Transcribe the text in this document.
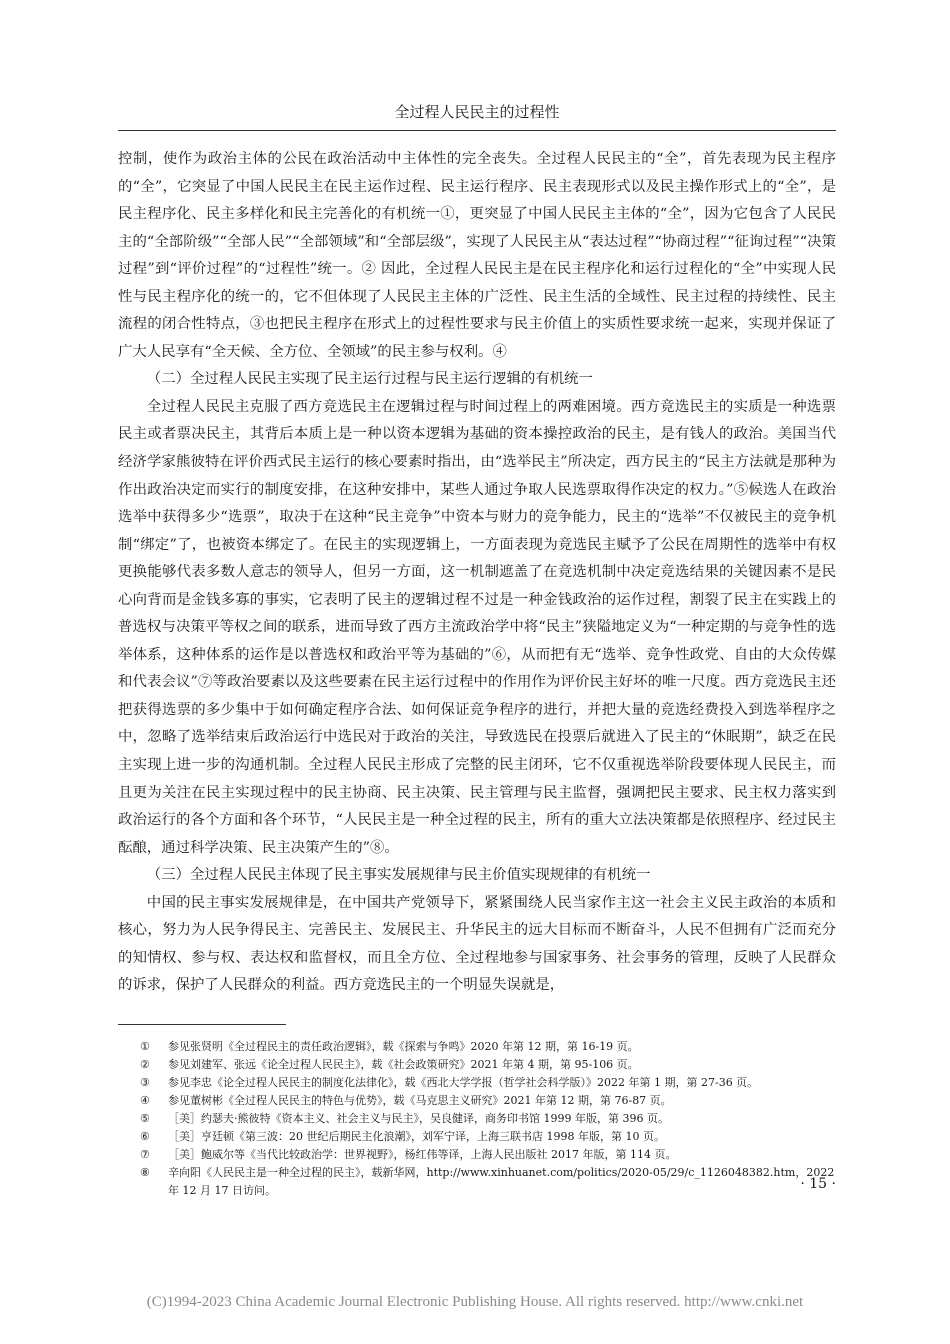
全过程人民民主的过程性

控制，使作为政治主体的公民在政治活动中主体性的完全丧失。全过程人民民主的“全”，首先表现为民主程序的“全”，它突显了中国人民民主在民主运作过程、民主运行程序、民主表现形式以及民主操作形式上的“全”，是民主程序化、民主多样化和民主完善化的有机统一①，更突显了中国人民民主主体的“全”，因为它包含了人民民主的“全部阶级”“全部人民”“全部领域”和“全部层级”，实现了人民民主从“表达过程”“协商过程”“征询过程”“决策过程”到“评价过程”的“过程性”统一。② 因此，全过程人民民主是在民主程序化和运行过程化的“全”中实现人民性与民主程序化的统一的，它不但体现了人民民主主体的广泛性、民主生活的全域性、民主过程的持续性、民主流程的闭合性特点，③也把民主程序在形式上的过程性要求与民主价值上的实质性要求统一起来，实现并保证了广大人民享有“全天候、全方位、全领域”的民主参与权利。④

（二）全过程人民民主实现了民主运行过程与民主运行逻辑的有机统一

全过程人民民主克服了西方竞选民主在逻辑过程与时间过程上的两难困境。西方竞选民主的实质是一种选票民主或者票决民主，其背后本质上是一种以资本逻辑为基础的资本操控政治的民主，是有钱人的政治。美国当代经济学家熊彼特在评价西式民主运行的核心要素时指出，由“选举民主”所决定，西方民主的“民主方法就是那种为作出政治决定而实行的制度安排，在这种安排中，某些人通过争取人民选票取得作决定的权力。”⑤候选人在政治选举中获得多少“选票”，取决于在这种“民主竞争”中资本与财力的竞争能力，民主的“选举”不仅被民主的竞争机制“绑定”了，也被资本绑定了。在民主的实现逻辑上，一方面表现为竞选民主赋予了公民在周期性的选举中有权更换能够代表多数人意志的领导人，但另一方面，这一机制遮盖了在竞选机制中决定竞选结果的关键因素不是民心向背而是金钱多寡的事实，它表明了民主的逻辑过程不过是一种金钱政治的运作过程，割裂了民主在实践上的普选权与决策平等权之间的联系，进而导致了西方主流政治学中将“民主”狭隘地定义为“一种定期的与竞争性的选举体系，这种体系的运作是以普选权和政治平等为基础的”⑥，从而把有无“选举、竞争性政党、自由的大众传媒和代表会议”⑦等政治要素以及这些要素在民主运行过程中的作用作为评价民主好坏的唯一尺度。西方竞选民主还把获得选票的多少集中于如何确定程序合法、如何保证竞争程序的进行，并把大量的竞选经费投入到选举程序之中，忽略了选举结束后政治运行中选民对于政治的关注，导致选民在投票后就进入了民主的“休眠期”，缺乏在民主实现上进一步的沟通机制。全过程人民民主形成了完整的民主闭环，它不仅重视选举阶段要体现人民民主，而且更为关注在民主实现过程中的民主协商、民主决策、民主管理与民主监督，强调把民主要求、民主权力落实到政治运行的各个方面和各个环节，“人民民主是一种全过程的民主，所有的重大立法决策都是依照程序、经过民主酝酿，通过科学决策、民主决策产生的”⑧。

（三）全过程人民民主体现了民主事实发展规律与民主价值实现规律的有机统一

中国的民主事实发展规律是，在中国共产党领导下，紧紧围绕人民当家作主这一社会主义民主政治的本质和核心，努力为人民争得民主、完善民主、发展民主、升华民主的远大目标而不断奋斗，人民不但拥有广泛而充分的知情权、参与权、表达权和监督权，而且全方位、全过程地参与国家事务、社会事务的管理，反映了人民群众的诉求，保护了人民群众的利益。西方竞选民主的一个明显失误就是，

①	参见张贤明《全过程民主的责任政治逻辑》，载《探索与争鸣》2020 年第 12 期，第 16-19 页。
②	参见刘建军、张远《论全过程人民民主》，载《社会政策研究》2021 年第 4 期，第 95-106 页。
③	参见李忠《论全过程人民民主的制度化法律化》，载《西北大学学报（哲学社会科学版）》2022 年第 1 期，第 27-36 页。
④	参见董树彬《全过程人民民主的特色与优势》，载《马克思主义研究》2021 年第 12 期，第 76-87 页。
⑤	［美］约瑟夫·熊彼特《资本主义、社会主义与民主》，吴良健译，商务印书馆 1999 年版，第 396 页。
⑥	［美］亨廷顿《第三波：20 世纪后期民主化浪潮》，刘军宁译，上海三联书店 1998 年版，第 10 页。
⑦	［美］鲍威尔等《当代比较政治学：世界视野》，杨红伟等译，上海人民出版社 2017 年版，第 114 页。
⑧	辛向阳《人民民主是一种全过程的民主》，载新华网，http://www.xinhuanet.com/politics/2020-05/29/c_1126048382.htm，2022 年 12 月 17 日访问。	· 15 ·
(C)1994-2023 China Academic Journal Electronic Publishing House. All rights reserved. http://www.cnki.net
